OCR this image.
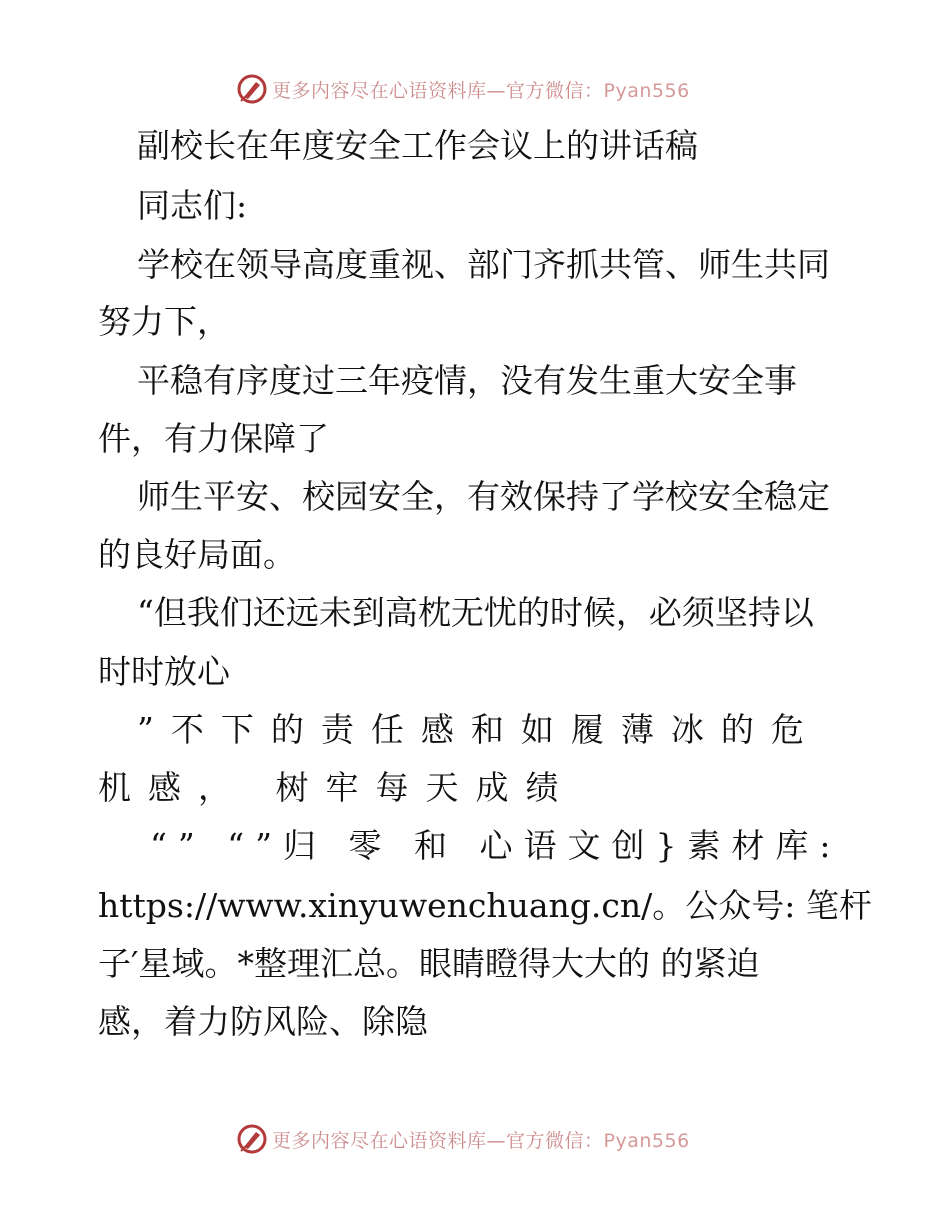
更多内容尽在心语资料库—官方微信：Pyan556
副校长在年度安全工作会议上的讲话稿
同志们:
学校在领导高度重视、部门齐抓共管、师生共同
努力下，
平稳有序度过三年疫情，没有发生重大安全事
件，有力保障了
师生平安、校园安全，有效保持了学校安全稳定
的良好局面。
“但我们还远未到高枕无忧的时候，必须坚持以
时时放心
”不下的责任感和如履薄冰的危
机感， 树牢每天成绩
“” “”归 零 和 心语文创}素材库:
https://www.xinyuwenchuang.cn/。公众号: 笔杆
子′星域。*整理汇总。眼睛瞪得大大的 的紧迫
感，着力防风险、除隐
更多内容尽在心语资料库—官方微信：Pyan556
